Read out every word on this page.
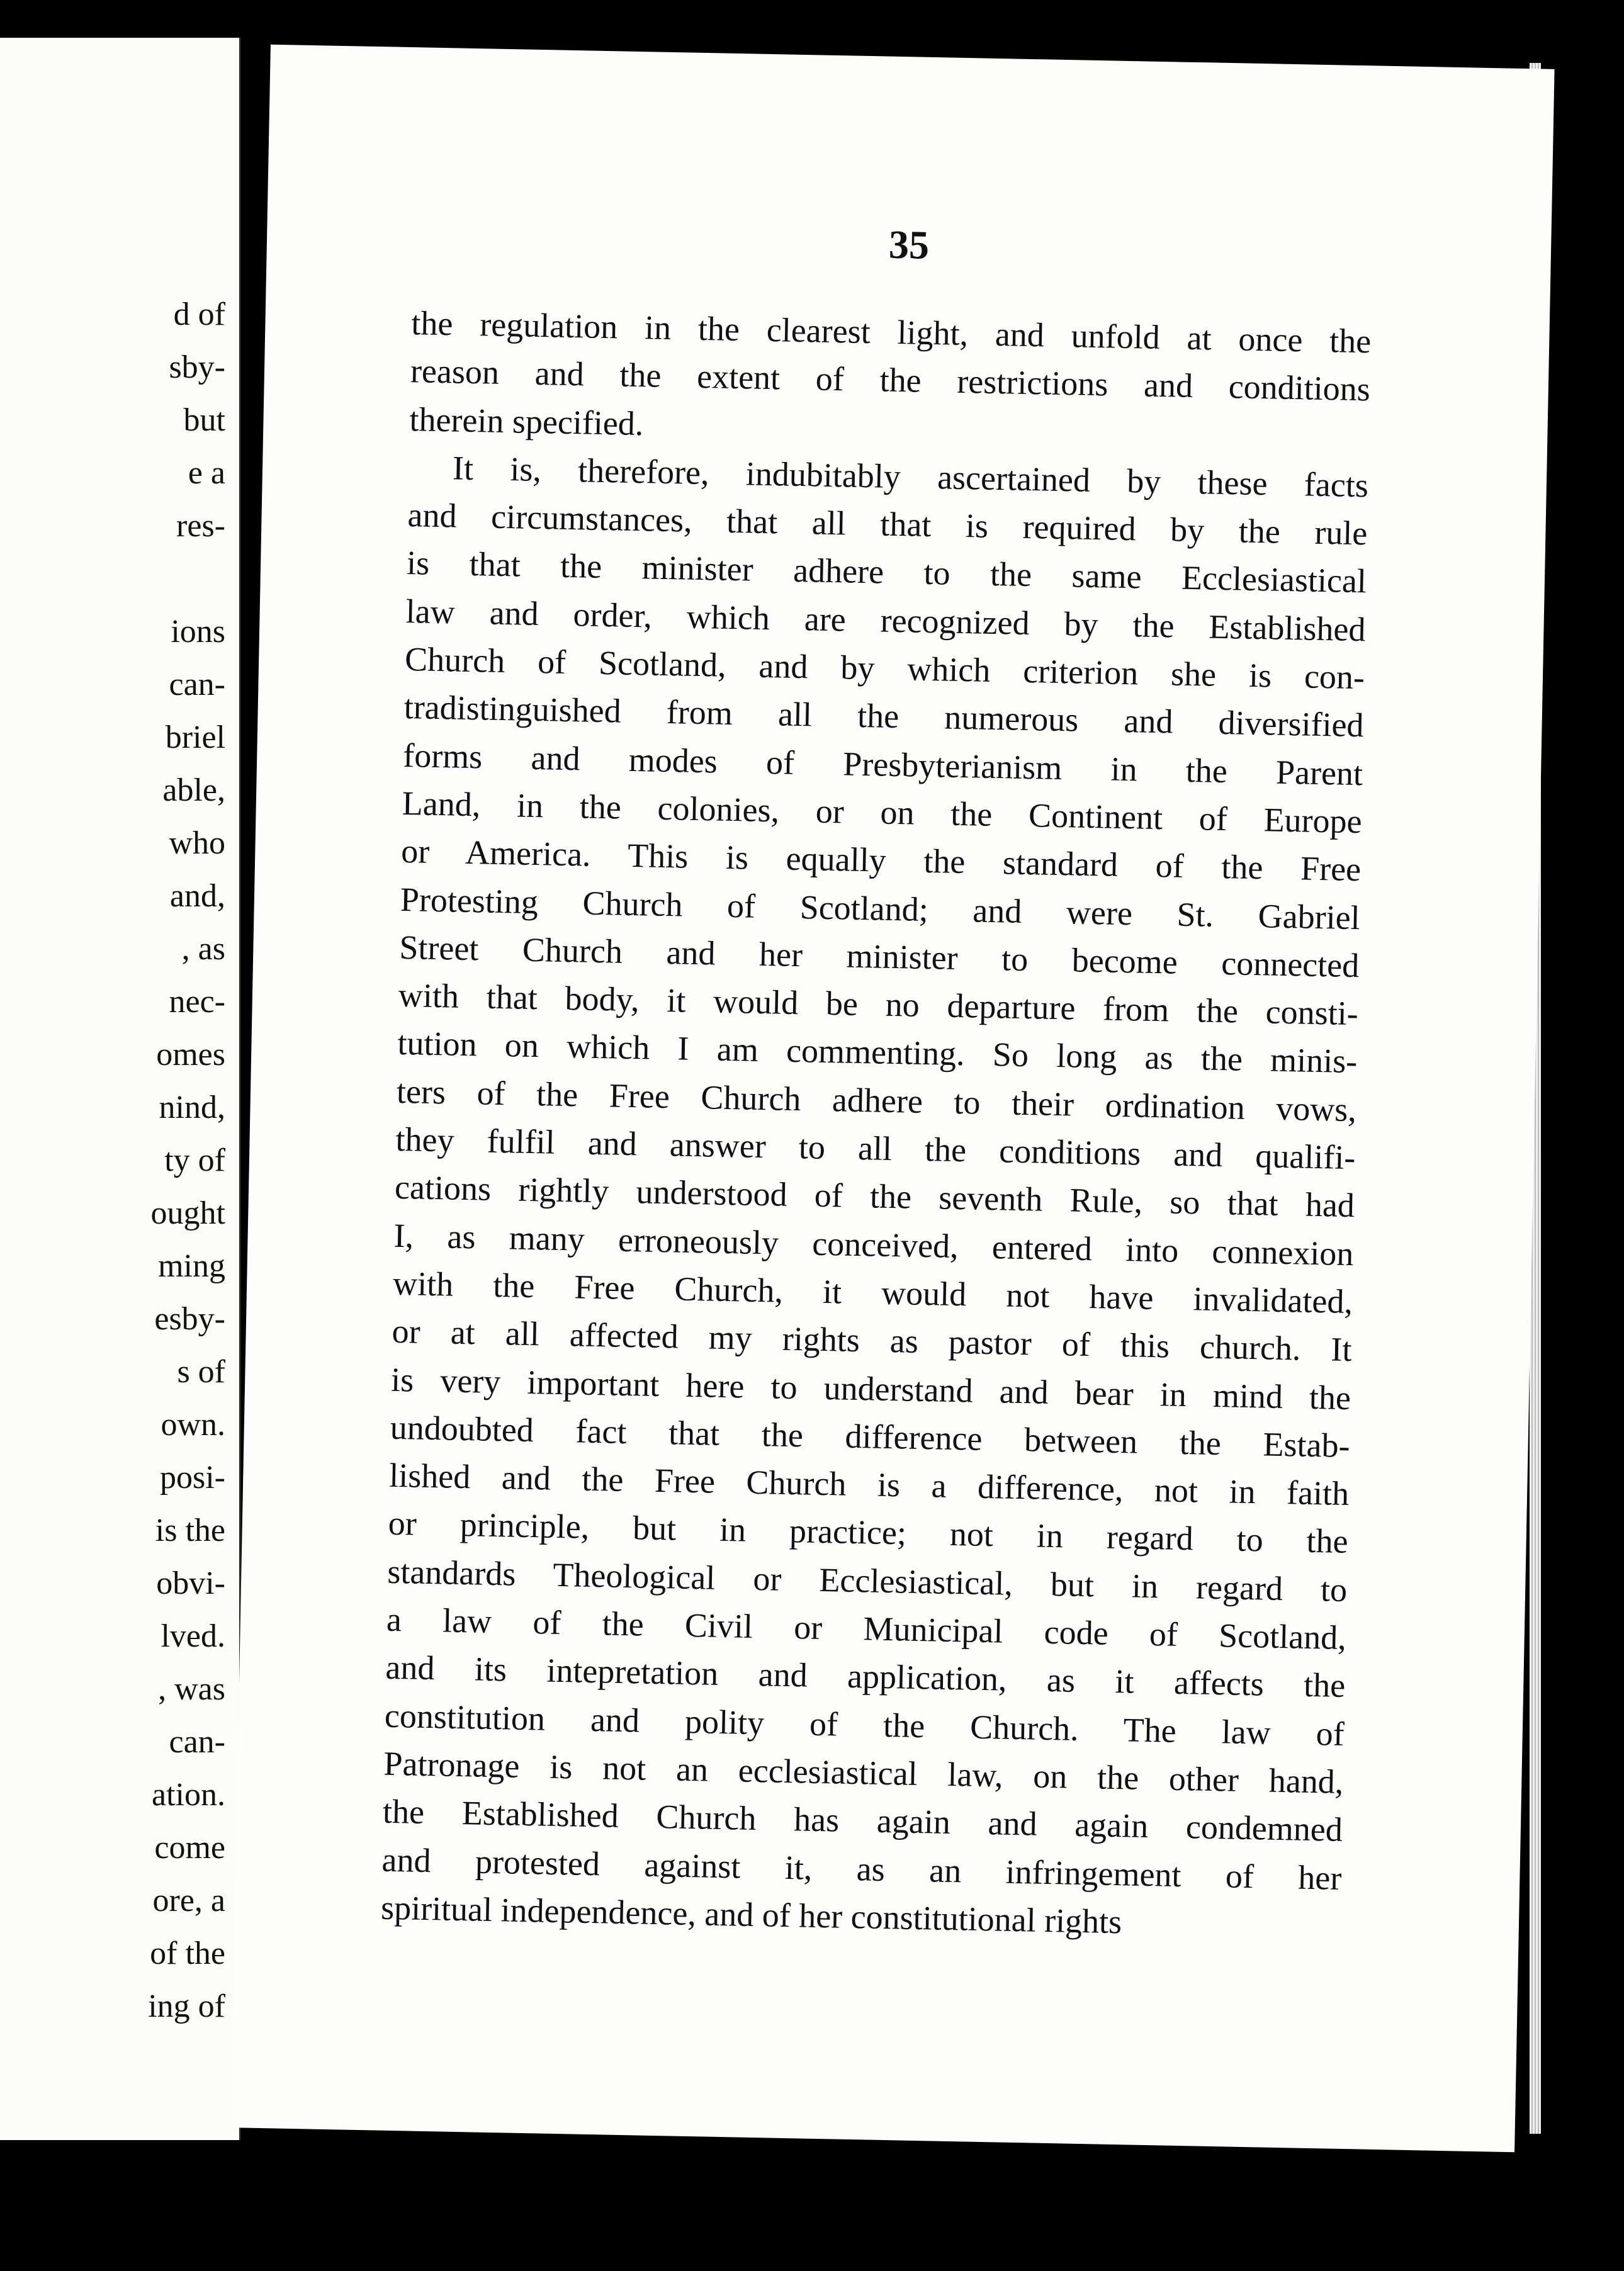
d of
sby-
but
e a
res-
ions
can-
briel
able,
who
and,
, as
nec-
omes
nind,
ty of
ought
ming
esby-
s of
own.
posi-
is the
obvi-
lved.
, was
can-
ation.
come
ore, a
of the
ing of
35
the regulation in the clearest light, and unfold at once the
reason and the extent of the restrictions and conditions
therein specified.
It is, therefore, indubitably ascertained by these facts
and circumstances, that all that is required by the rule
is that the minister adhere to the same Ecclesiastical
law and order, which are recognized by the Established
Church of Scotland, and by which criterion she is con-
tradistinguished from all the numerous and diversified
forms and modes of Presbyterianism in the Parent
Land, in the colonies, or on the Continent of Europe
or America. This is equally the standard of the Free
Protesting Church of Scotland; and were St. Gabriel
Street Church and her minister to become connected
with that body, it would be no departure from the consti-
tution on which I am commenting. So long as the minis-
ters of the Free Church adhere to their ordination vows,
they fulfil and answer to all the conditions and qualifi-
cations rightly understood of the seventh Rule, so that had
I, as many erroneously conceived, entered into connexion
with the Free Church, it would not have invalidated,
or at all affected my rights as pastor of this church. It
is very important here to understand and bear in mind the
undoubted fact that the difference between the Estab-
lished and the Free Church is a difference, not in faith
or principle, but in practice; not in regard to the
standards Theological or Ecclesiastical, but in regard to
a law of the Civil or Municipal code of Scotland,
and its intepretation and application, as it affects the
constitution and polity of the Church. The law of
Patronage is not an ecclesiastical law, on the other hand,
the Established Church has again and again condemned
and protested against it, as an infringement of her
spiritual independence, and of her constitutional rights
